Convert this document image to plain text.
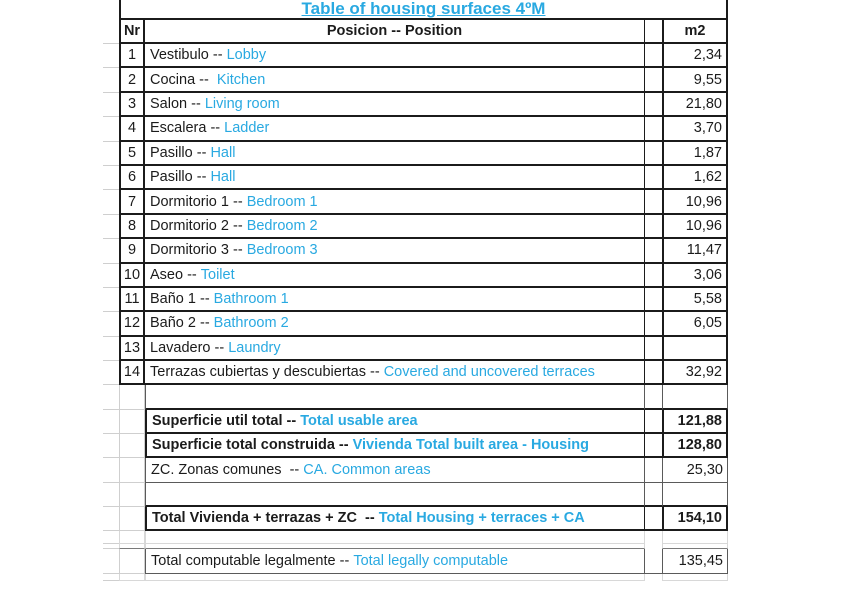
Table of housing surfaces 4ºM
Nr	Posicion -- Position	m2
1 Vestibulo -- Lobby	2,34
2 Cocina -- Kitchen	9,55
3 Salon -- Living room	21,80
4 Escalera -- Ladder	3,70
5 Pasillo -- Hall	1,87
6 Pasillo -- Hall	1,62
7 Dormitorio 1 -- Bedroom 1	10,96
8 Dormitorio 2 -- Bedroom 2	10,96
9 Dormitorio 3 -- Bedroom 3	11,47
10 Aseo -- Toilet	3,06
11 Baño 1 -- Bathroom 1	5,58
12 Baño 2 -- Bathroom 2	6,05
13 Lavadero -- Laundry
14 Terrazas cubiertas y descubiertas -- Covered and uncovered terraces	32,92
Superficie util total -- Total usable area	121,88
Superficie total construida -- Vivienda Total built area - Housing	128,80
ZC. Zonas comunes  -- CA. Common areas	25,30
Total Vivienda + terrazas + ZC  -- Total Housing + terraces + CA	154,10
Total computable legalmente -- Total legally computable	135,45
